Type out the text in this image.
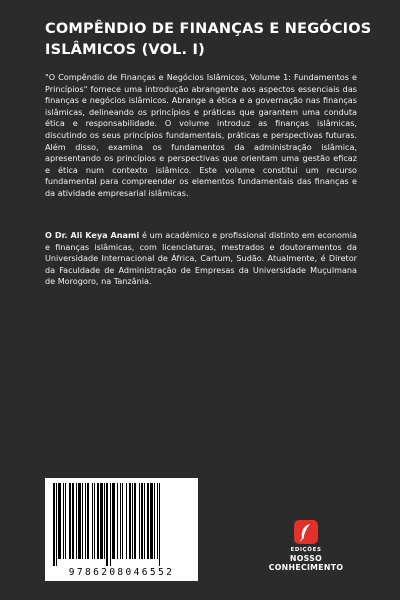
COMPÊNDIO DE FINANÇAS E NEGÓCIOS ISLÂMICOS (VOL. I)

"O Compêndio de Finanças e Negócios Islâmicos, Volume 1: Fundamentos e Princípios" fornece uma introdução abrangente aos aspectos essenciais das finanças e negócios islâmicos. Abrange a ética e a governação nas finanças islâmicas, delineando os princípios e práticas que garantem uma conduta ética e responsabilidade. O volume introduz as finanças islâmicas, discutindo os seus princípios fundamentais, práticas e perspectivas futuras. Além disso, examina os fundamentos da administração islâmica, apresentando os princípios e perspectivas que orientam uma gestão eficaz e ética num contexto islâmico. Este volume constitui um recurso fundamental para compreender os elementos fundamentais das finanças e da atividade empresarial islâmicas.

O Dr. Ali Keya Anami é um académico e profissional distinto em economia e finanças islâmicas, com licenciaturas, mestrados e doutoramentos da Universidade Internacional de África, Cartum, Sudão. Atualmente, é Diretor da Faculdade de Administração de Empresas da Universidade Muçulmana de Morogoro, na Tanzânia.

9786208046552
EDIÇÕES
NOSSO CONHECIMENTO
